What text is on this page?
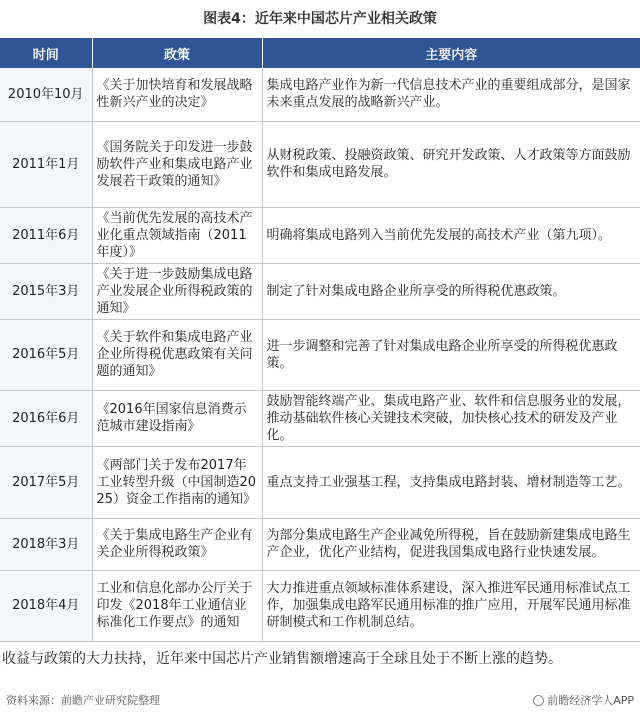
图表4：近年来中国芯片产业相关政策
时间	政策	主要内容
2010年10月	《关于加快培育和发展战略性新兴产业的决定》	集成电路产业作为新一代信息技术产业的重要组成部分，是国家未来重点发展的战略新兴产业。
2011年1月	《国务院关于印发进一步鼓励软件产业和集成电路产业发展若干政策的通知》	从财税政策、投融资政策、研究开发政策、人才政策等方面鼓励软件和集成电路发展。
2011年6月	《当前优先发展的高技术产业化重点领域指南（2011年度）》	明确将集成电路列入当前优先发展的高技术产业（第九项）。
2015年3月	《关于进一步鼓励集成电路产业发展企业所得税政策的通知》	制定了针对集成电路企业所享受的所得税优惠政策。
2016年5月	《关于软件和集成电路产业企业所得税优惠政策有关问题的通知》	进一步调整和完善了针对集成电路企业所享受的所得税优惠政策。
2016年6月	《2016年国家信息消费示范城市建设指南》	鼓励智能终端产业、集成电路产业、软件和信息服务业的发展，推动基础软件核心关键技术突破，加快核心技术的研发及产业化。
2017年5月	《两部门关于发布2017年工业转型升级（中国制造2025）资金工作指南的通知》	重点支持工业强基工程，支持集成电路封装、增材制造等工艺。
2018年3月	《关于集成电路生产企业有关企业所得税政策》	为部分集成电路生产企业减免所得税，旨在鼓励新建集成电路生产企业，优化产业结构，促进我国集成电路行业快速发展。
2018年4月	工业和信息化部办公厅关于印发《2018年工业通信业标准化工作要点》的通知	大力推进重点领域标准体系建设，深入推进军民通用标准试点工作，加强集成电路军民通用标准的推广应用，开展军民通用标准研制模式和工作机制总结。
收益与政策的大力扶持，近年来中国芯片产业销售额增速高于全球且处于不断上涨的趋势。
资料来源：前瞻产业研究院整理	前瞻经济学人APP
